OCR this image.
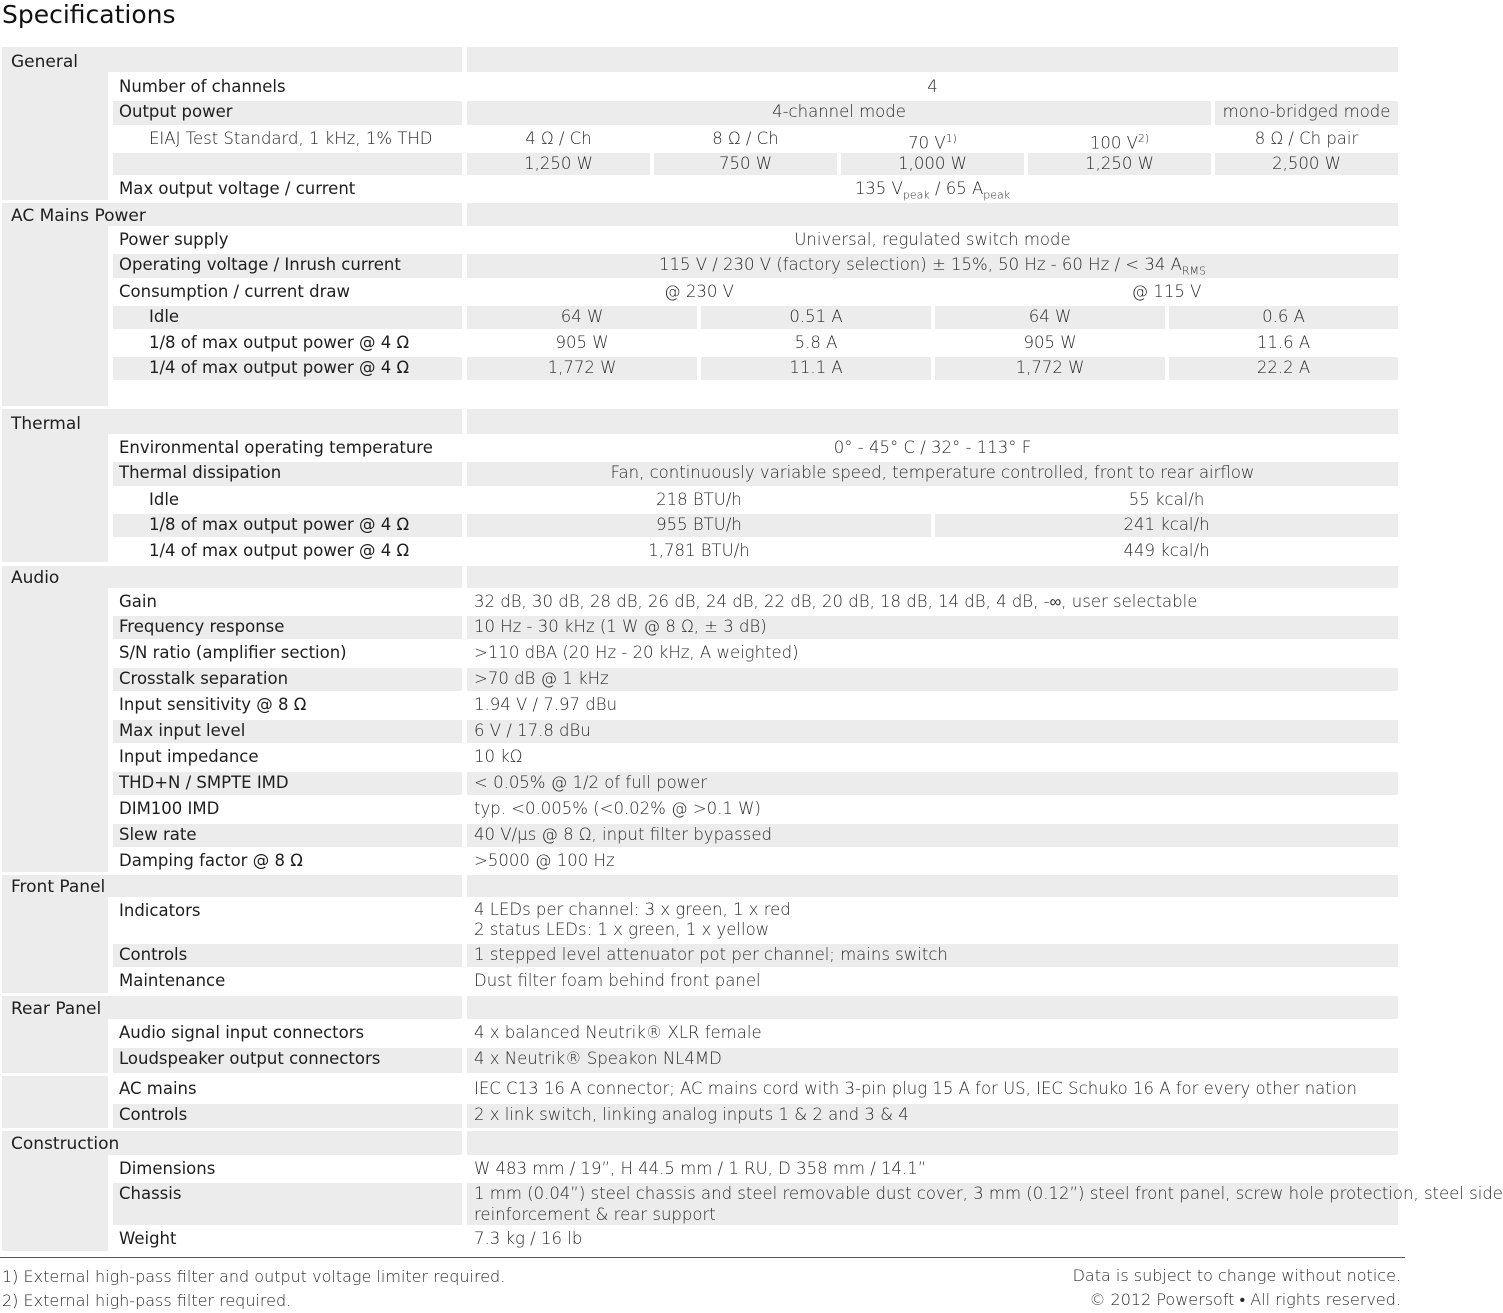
Specifications
General
Number of channels	4
Output power	4-channel mode	mono-bridged mode
EIAJ Test Standard, 1 kHz, 1% THD	4 Ω / Ch	8 Ω / Ch	70 $V^{1)}$	100 $V^{2)}$	8 Ω / Ch pair
1,250 W	750 W	1,000 W	1,250 W	2,500 W
Max output voltage / current	135 $V_{peak} / 65$ $A_{peak}$
AC Mains Power
Power supply	Universal, regulated switch mode
Operating voltage / Inrush current	115 V / 230 V (factory selection) ± 15%, 50 Hz - 60 Hz / < 34 $A_{RMS}$
Consumption / current draw	@ 230 V	@ 115 V
Idle	64 W	0.51 A	64 W	0.6 A
1/8 of max output power @ 4 Ω	905 W	5.8 A	905 W	11.6 A
1/4 of max output power @ 4 Ω	1,772 W	11.1 A	1,772 W	22.2 A
Thermal
Environmental operating temperature	0° - 45° C / 32° - 113° F
Thermal dissipation	Fan, continuously variable speed, temperature controlled, front to rear airflow
Idle	218 BTU/h	55 kcal/h
1/8 of max output power @ 4 Ω	955 BTU/h	241 kcal/h
1/4 of max output power @ 4 Ω	1,781 BTU/h	449 kcal/h
Audio
Gain	32 dB, 30 dB, 28 dB, 26 dB, 24 dB, 22 dB, 20 dB, 18 dB, 14 dB, 4 dB, -∞, user selectable
Frequency response	10 Hz - 30 kHz (1 W @ 8 Ω, ± 3 dB)
S/N ratio (amplifier section)	>110 dBA (20 Hz - 20 kHz, A weighted)
Crosstalk separation	>70 dB @ 1 kHz
Input sensitivity @ 8 Ω	1.94 V / 7.97 dBu
Max input level	6 V / 17.8 dBu
Input impedance	10 kΩ
THD+N / SMPTE IMD	< 0.05% @ 1/2 of full power
DIM100 IMD	typ. <0.005% (<0.02% @ >0.1 W)
Slew rate	40 V/µs @ 8 Ω, input filter bypassed
Damping factor @ 8 Ω	>5000 @ 100 Hz
Front Panel
Indicators	4 LEDs per channel: 3 x green, 1 x red
2 status LEDs: 1 x green, 1 x yellow
Controls	1 stepped level attenuator pot per channel; mains switch
Maintenance	Dust filter foam behind front panel
Rear Panel
Audio signal input connectors	4 x balanced Neutrik® XLR female
Loudspeaker output connectors	4 x Neutrik® Speakon NL4MD
AC mains	IEC C13 16 A connector; AC mains cord with 3-pin plug 15 A for US, IEC Schuko 16 A for every other nation
Controls	2 x link switch, linking analog inputs 1 & 2 and 3 & 4
Construction
Dimensions	W 483 mm / 19”, H 44.5 mm / 1 RU, D 358 mm / 14.1”
Chassis	1 mm (0.04”) steel chassis and steel removable dust cover, 3 mm (0.12”) steel front panel, screw hole protection, steel side
reinforcement & rear support
Weight	7.3 kg / 16 lb
1) External high-pass filter and output voltage limiter required.
2) External high-pass filter required.
Data is subject to change without notice.
© 2012 Powersoft • All rights reserved.
